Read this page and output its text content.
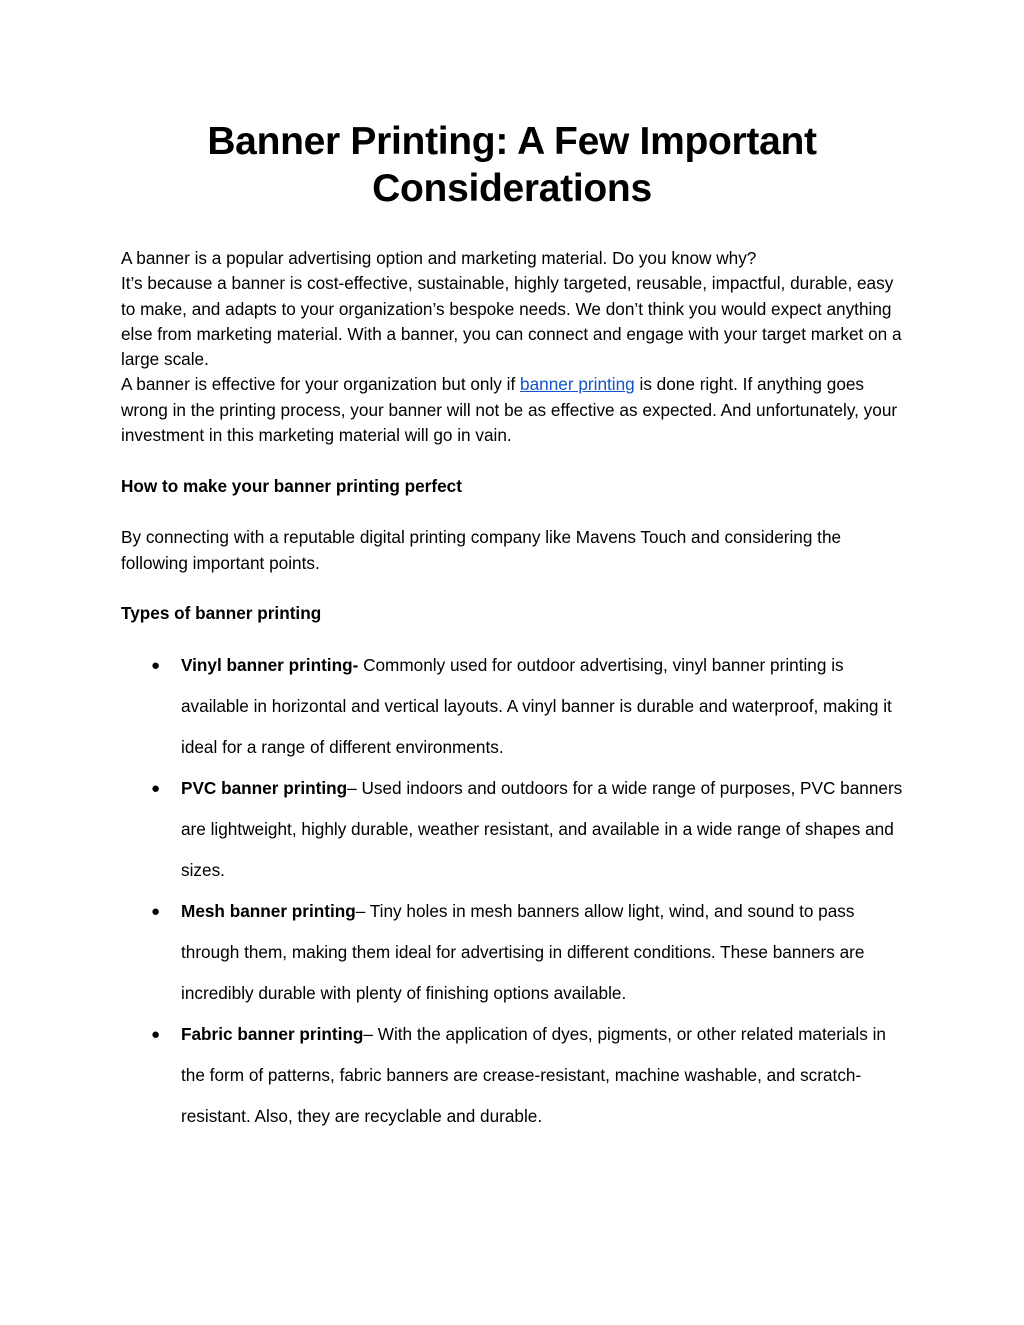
Banner Printing: A Few Important
Considerations

A banner is a popular advertising option and marketing material. Do you know why?

It’s because a banner is cost-effective, sustainable, highly targeted, reusable, impactful, durable, easy to make, and adapts to your organization’s bespoke needs. We don’t think you would expect anything else from marketing material. With a banner, you can connect and engage with your target market on a large scale.

A banner is effective for your organization but only if banner printing is done right. If anything goes wrong in the printing process, your banner will not be as effective as expected. And unfortunately, your investment in this marketing material will go in vain.

How to make your banner printing perfect

By connecting with a reputable digital printing company like Mavens Touch and considering the following important points.

Types of banner printing
● Vinyl banner printing- Commonly used for outdoor advertising, vinyl banner printing is available in horizontal and vertical layouts. A vinyl banner is durable and waterproof, making it ideal for a range of different environments.
● PVC banner printing– Used indoors and outdoors for a wide range of purposes, PVC banners are lightweight, highly durable, weather resistant, and available in a wide range of shapes and sizes.
● Mesh banner printing– Tiny holes in mesh banners allow light, wind, and sound to pass through them, making them ideal for advertising in different conditions. These banners are incredibly durable with plenty of finishing options available.
● Fabric banner printing– With the application of dyes, pigments, or other related materials in the form of patterns, fabric banners are crease-resistant, machine washable, and scratch-resistant. Also, they are recyclable and durable.
